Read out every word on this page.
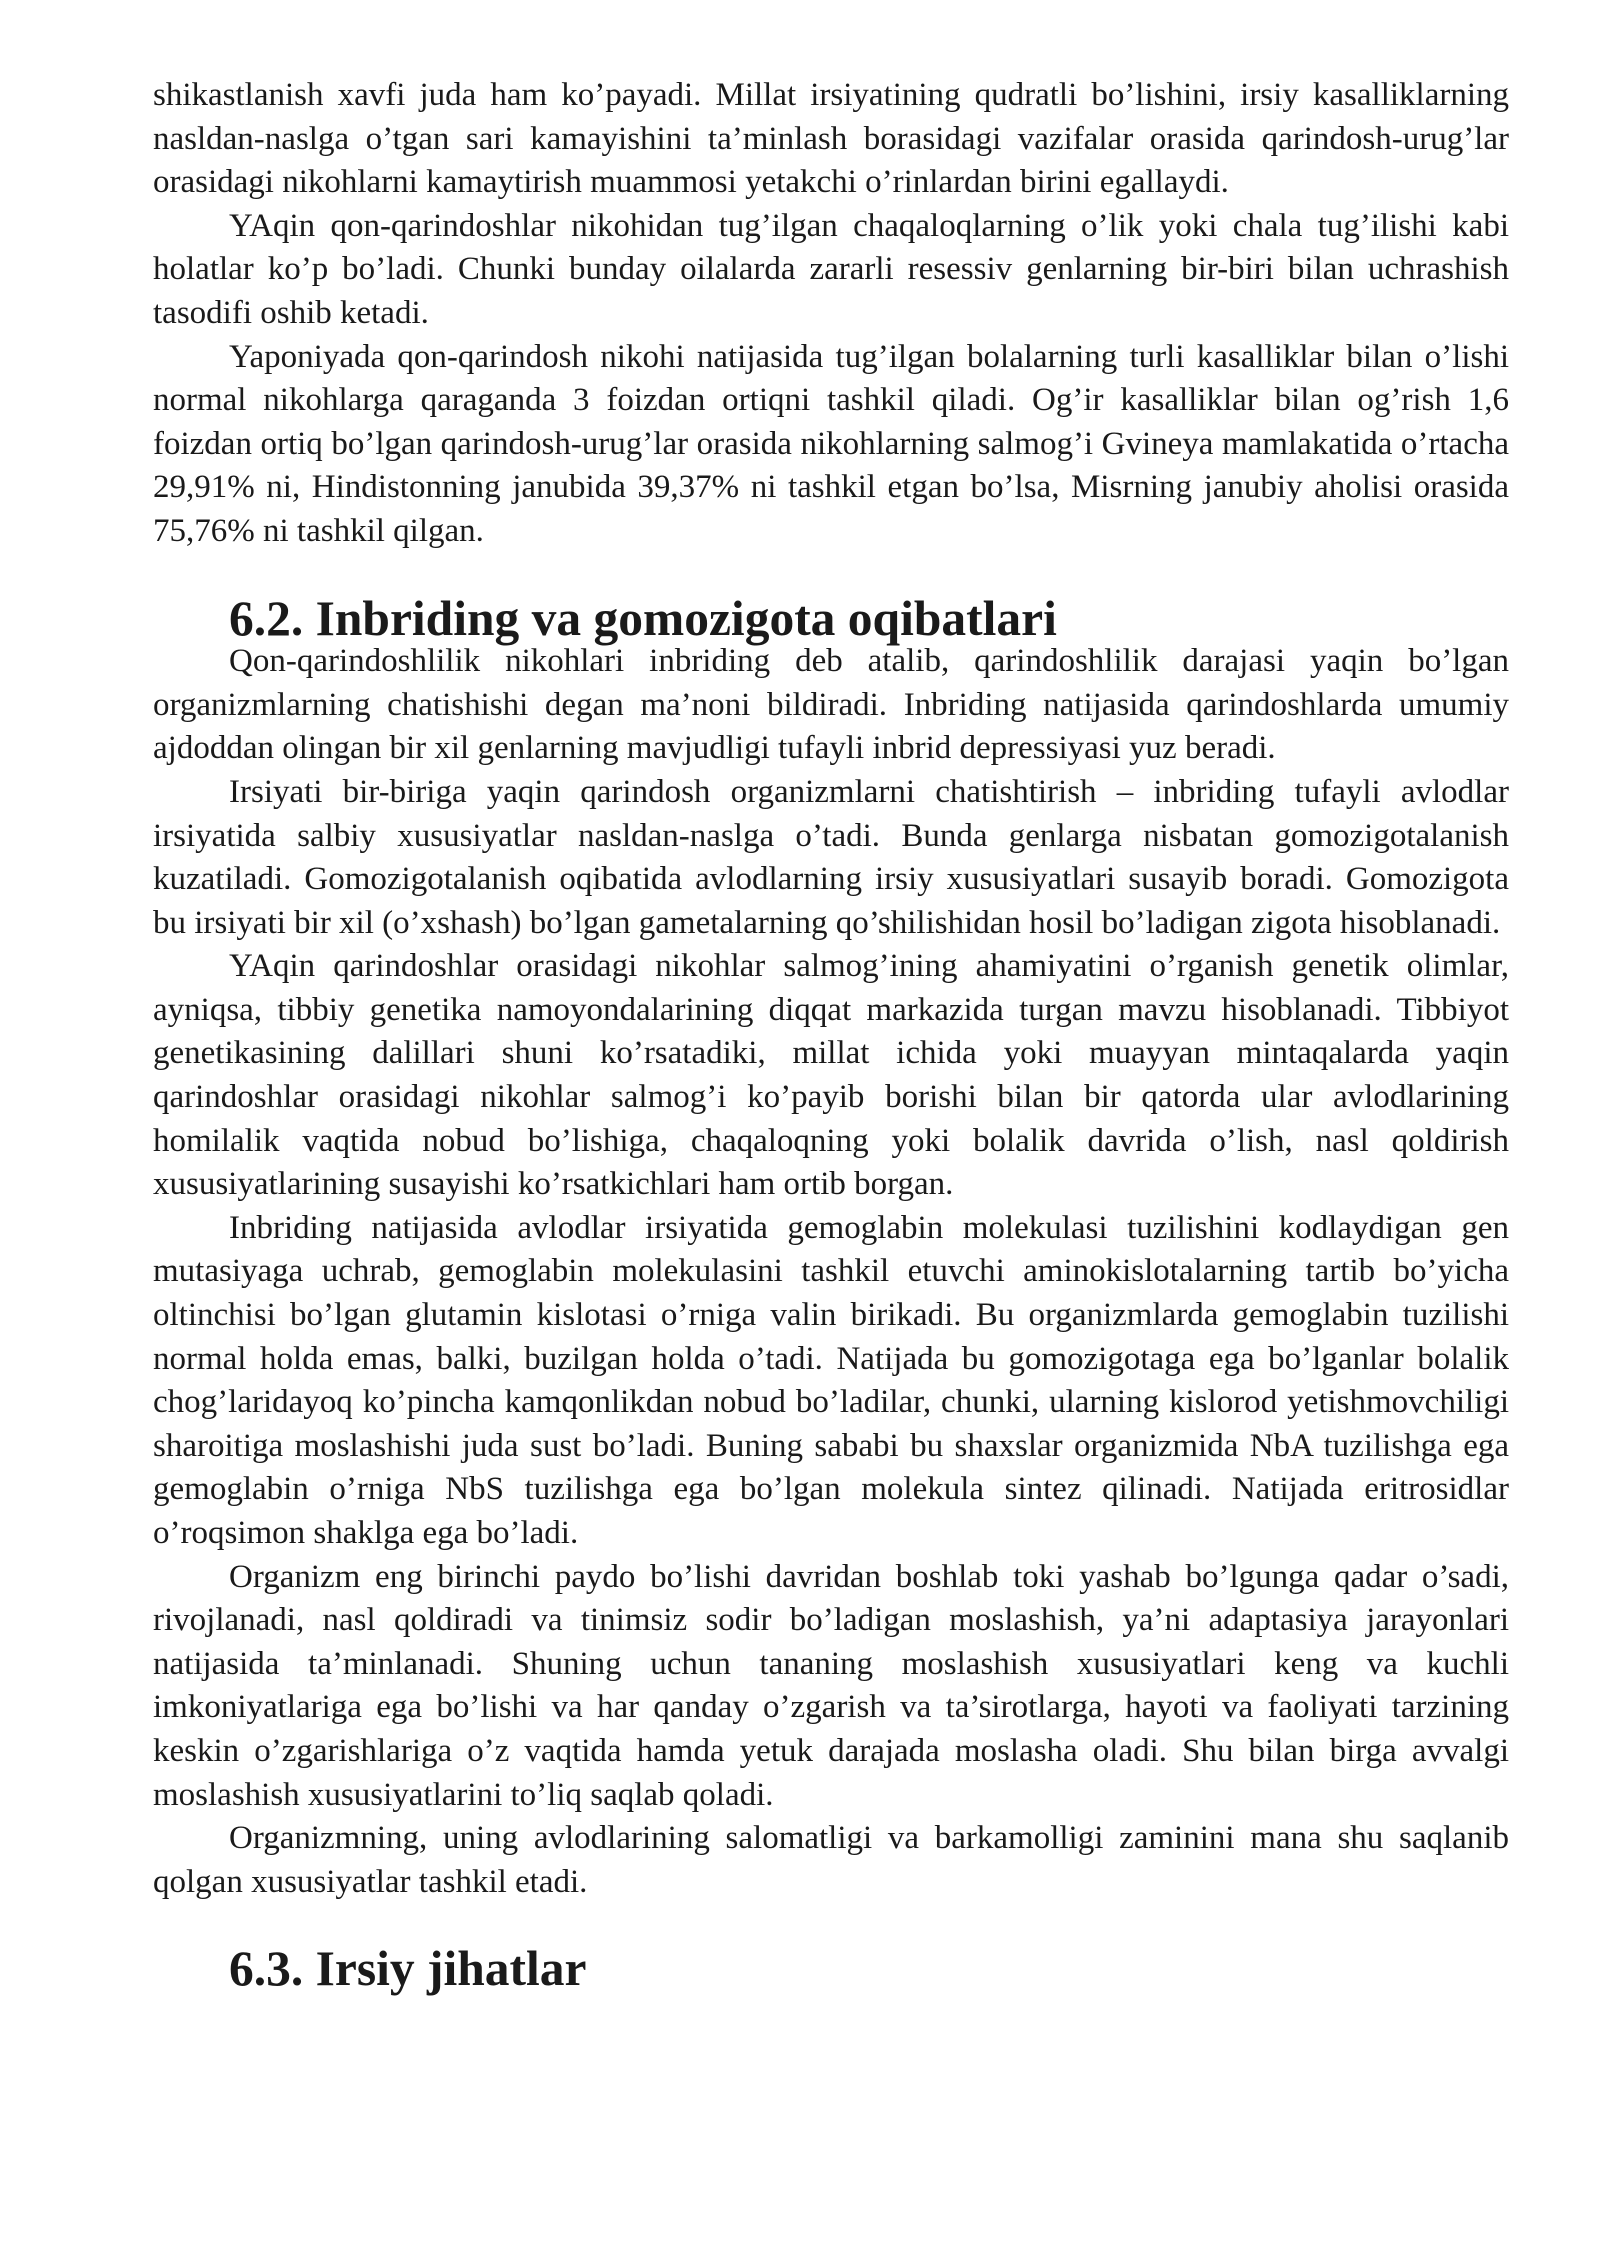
shikastlanish xavfi juda ham ko’payadi. Millat irsiyatining qudratli bo’lishini, irsiy kasalliklarning nasldan-naslga o’tgan sari kamayishini ta’minlash borasidagi vazifalar orasida qarindosh-urug’lar orasidagi nikohlarni kamaytirish muammosi yetakchi o’rinlardan birini egallaydi.

YAqin qon-qarindoshlar nikohidan tug’ilgan chaqaloqlarning o’lik yoki chala tug’ilishi kabi holatlar ko’p bo’ladi. Chunki bunday oilalarda zararli resessiv genlarning bir-biri bilan uchrashish tasodifi oshib ketadi.

Yaponiyada qon-qarindosh nikohi natijasida tug’ilgan bolalarning turli kasalliklar bilan o’lishi normal nikohlarga qaraganda 3 foizdan ortiqni tashkil qiladi. Og’ir kasalliklar bilan og’rish 1,6 foizdan ortiq bo’lgan qarindosh-urug’lar orasida nikohlarning salmog’i Gvineya mamlakatida o’rtacha 29,91% ni, Hindistonning janubida 39,37% ni tashkil etgan bo’lsa, Misrning janubiy aholisi orasida 75,76% ni tashkil qilgan.

6.2. Inbriding va gomozigota oqibatlari

Qon-qarindoshlilik nikohlari inbriding deb atalib, qarindoshlilik darajasi yaqin bo’lgan organizmlarning chatishishi degan ma’noni bildiradi. Inbriding natijasida qarindoshlarda umumiy ajdoddan olingan bir xil genlarning mavjudligi tufayli inbrid depressiyasi yuz beradi.

Irsiyati bir-biriga yaqin qarindosh organizmlarni chatishtirish – inbriding tufayli avlodlar irsiyatida salbiy xususiyatlar nasldan-naslga o’tadi. Bunda genlarga nisbatan gomozigotalanish kuzatiladi. Gomozigotalanish oqibatida avlodlarning irsiy xususiyatlari susayib boradi. Gomozigota bu irsiyati bir xil (o’xshash) bo’lgan gametalarning qo’shilishidan hosil bo’ladigan zigota hisoblanadi.

YAqin qarindoshlar orasidagi nikohlar salmog’ining ahamiyatini o’rganish genetik olimlar, ayniqsa, tibbiy genetika namoyondalarining diqqat markazida turgan mavzu hisoblanadi. Tibbiyot genetikasining dalillari shuni ko’rsatadiki, millat ichida yoki muayyan mintaqalarda yaqin qarindoshlar orasidagi nikohlar salmog’i ko’payib borishi bilan bir qatorda ular avlodlarining homilalik vaqtida nobud bo’lishiga, chaqaloqning yoki bolalik davrida o’lish, nasl qoldirish xususiyatlarining susayishi ko’rsatkichlari ham ortib borgan.

Inbriding natijasida avlodlar irsiyatida gemoglabin molekulasi tuzilishini kodlaydigan gen mutasiyaga uchrab, gemoglabin molekulasini tashkil etuvchi aminokislotalarning tartib bo’yicha oltinchisi bo’lgan glutamin kislotasi o’rniga valin birikadi. Bu organizmlarda gemoglabin tuzilishi normal holda emas, balki, buzilgan holda o’tadi. Natijada bu gomozigotaga ega bo’lganlar bolalik chog’laridayoq ko’pincha kamqonlikdan nobud bo’ladilar, chunki, ularning kislorod yetishmovchiligi sharoitiga moslashishi juda sust bo’ladi. Buning sababi bu shaxslar organizmida NbA tuzilishga ega gemoglabin o’rniga NbS tuzilishga ega bo’lgan molekula sintez qilinadi. Natijada eritrosidlar o’roqsimon shaklga ega bo’ladi.

Organizm eng birinchi paydo bo’lishi davridan boshlab toki yashab bo’lgunga qadar o’sadi, rivojlanadi, nasl qoldiradi va tinimsiz sodir bo’ladigan moslashish, ya’ni adaptasiya jarayonlari natijasida ta’minlanadi. Shuning uchun tananing moslashish xususiyatlari keng va kuchli imkoniyatlariga ega bo’lishi va har qanday o’zgarish va ta’sirotlarga, hayoti va faoliyati tarzining keskin o’zgarishlariga o’z vaqtida hamda yetuk darajada moslasha oladi. Shu bilan birga avvalgi moslashish xususiyatlarini to’liq saqlab qoladi.

Organizmning, uning avlodlarining salomatligi va barkamolligi zaminini mana shu saqlanib qolgan xususiyatlar tashkil etadi.

6.3. Irsiy jihatlar
